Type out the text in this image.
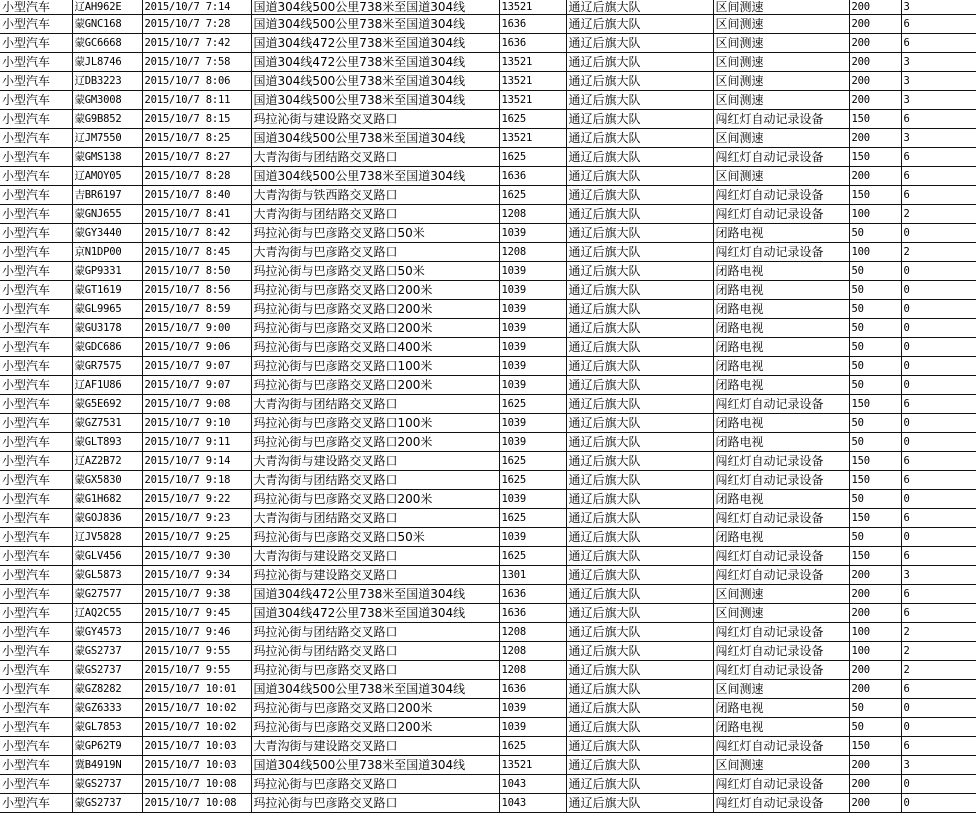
小型汽车	辽AH962E	2015/10/7 7:14	国道304线500公里738米至国道304线	13521	通辽后旗大队	区间测速	200	3
小型汽车	蒙GNC168	2015/10/7 7:28	国道304线500公里738米至国道304线	1636	通辽后旗大队	区间测速	200	6
小型汽车	蒙GC6668	2015/10/7 7:42	国道304线472公里738米至国道304线	1636	通辽后旗大队	区间测速	200	6
小型汽车	蒙JL8746	2015/10/7 7:58	国道304线472公里738米至国道304线	13521	通辽后旗大队	区间测速	200	3
小型汽车	辽DB3223	2015/10/7 8:06	国道304线500公里738米至国道304线	13521	通辽后旗大队	区间测速	200	3
小型汽车	蒙GM3008	2015/10/7 8:11	国道304线500公里738米至国道304线	13521	通辽后旗大队	区间测速	200	3
小型汽车	蒙G9B852	2015/10/7 8:15	玛拉沁街与建设路交叉路口	1625	通辽后旗大队	闯红灯自动记录设备	150	6
小型汽车	辽JM7550	2015/10/7 8:25	国道304线500公里738米至国道304线	13521	通辽后旗大队	区间测速	200	3
小型汽车	蒙GMS138	2015/10/7 8:27	大青沟街与团结路交叉路口	1625	通辽后旗大队	闯红灯自动记录设备	150	6
小型汽车	辽AMOY05	2015/10/7 8:28	国道304线500公里738米至国道304线	1636	通辽后旗大队	区间测速	200	6
小型汽车	吉BR6197	2015/10/7 8:40	大青沟街与铁西路交叉路口	1625	通辽后旗大队	闯红灯自动记录设备	150	6
小型汽车	蒙GNJ655	2015/10/7 8:41	大青沟街与团结路交叉路口	1208	通辽后旗大队	闯红灯自动记录设备	100	2
小型汽车	蒙GY3440	2015/10/7 8:42	玛拉沁街与巴彦路交叉路口50米	1039	通辽后旗大队	闭路电视	50	0
小型汽车	京N1DP00	2015/10/7 8:45	大青沟街与巴彦路交叉路口	1208	通辽后旗大队	闯红灯自动记录设备	100	2
小型汽车	蒙GP9331	2015/10/7 8:50	玛拉沁街与巴彦路交叉路口50米	1039	通辽后旗大队	闭路电视	50	0
小型汽车	蒙GT1619	2015/10/7 8:56	玛拉沁街与巴彦路交叉路口200米	1039	通辽后旗大队	闭路电视	50	0
小型汽车	蒙GL9965	2015/10/7 8:59	玛拉沁街与巴彦路交叉路口200米	1039	通辽后旗大队	闭路电视	50	0
小型汽车	蒙GU3178	2015/10/7 9:00	玛拉沁街与巴彦路交叉路口200米	1039	通辽后旗大队	闭路电视	50	0
小型汽车	蒙GDC686	2015/10/7 9:06	玛拉沁街与巴彦路交叉路口400米	1039	通辽后旗大队	闭路电视	50	0
小型汽车	蒙GR7575	2015/10/7 9:07	玛拉沁街与巴彦路交叉路口100米	1039	通辽后旗大队	闭路电视	50	0
小型汽车	辽AF1U86	2015/10/7 9:07	玛拉沁街与巴彦路交叉路口200米	1039	通辽后旗大队	闭路电视	50	0
小型汽车	蒙G5E692	2015/10/7 9:08	大青沟街与团结路交叉路口	1625	通辽后旗大队	闯红灯自动记录设备	150	6
小型汽车	蒙GZ7531	2015/10/7 9:10	玛拉沁街与巴彦路交叉路口100米	1039	通辽后旗大队	闭路电视	50	0
小型汽车	蒙GLT893	2015/10/7 9:11	玛拉沁街与巴彦路交叉路口200米	1039	通辽后旗大队	闭路电视	50	0
小型汽车	辽AZ2B72	2015/10/7 9:14	大青沟街与建设路交叉路口	1625	通辽后旗大队	闯红灯自动记录设备	150	6
小型汽车	蒙GX5830	2015/10/7 9:18	大青沟街与团结路交叉路口	1625	通辽后旗大队	闯红灯自动记录设备	150	6
小型汽车	蒙G1H682	2015/10/7 9:22	玛拉沁街与巴彦路交叉路口200米	1039	通辽后旗大队	闭路电视	50	0
小型汽车	蒙GOJ836	2015/10/7 9:23	大青沟街与团结路交叉路口	1625	通辽后旗大队	闯红灯自动记录设备	150	6
小型汽车	辽JV5828	2015/10/7 9:25	玛拉沁街与巴彦路交叉路口50米	1039	通辽后旗大队	闭路电视	50	0
小型汽车	蒙GLV456	2015/10/7 9:30	大青沟街与建设路交叉路口	1625	通辽后旗大队	闯红灯自动记录设备	150	6
小型汽车	蒙GL5873	2015/10/7 9:34	玛拉沁街与建设路交叉路口	1301	通辽后旗大队	闯红灯自动记录设备	200	3
小型汽车	蒙G27577	2015/10/7 9:38	国道304线472公里738米至国道304线	1636	通辽后旗大队	区间测速	200	6
小型汽车	辽AQ2C55	2015/10/7 9:45	国道304线472公里738米至国道304线	1636	通辽后旗大队	区间测速	200	6
小型汽车	蒙GY4573	2015/10/7 9:46	玛拉沁街与团结路交叉路口	1208	通辽后旗大队	闯红灯自动记录设备	100	2
小型汽车	蒙GS2737	2015/10/7 9:55	玛拉沁街与团结路交叉路口	1208	通辽后旗大队	闯红灯自动记录设备	100	2
小型汽车	蒙GS2737	2015/10/7 9:55	玛拉沁街与巴彦路交叉路口	1208	通辽后旗大队	闯红灯自动记录设备	200	2
小型汽车	蒙GZ8282	2015/10/7 10:01	国道304线500公里738米至国道304线	1636	通辽后旗大队	区间测速	200	6
小型汽车	蒙GZ6333	2015/10/7 10:02	玛拉沁街与巴彦路交叉路口200米	1039	通辽后旗大队	闭路电视	50	0
小型汽车	蒙GL7853	2015/10/7 10:02	玛拉沁街与巴彦路交叉路口200米	1039	通辽后旗大队	闭路电视	50	0
小型汽车	蒙GP62T9	2015/10/7 10:03	大青沟街与建设路交叉路口	1625	通辽后旗大队	闯红灯自动记录设备	150	6
小型汽车	冀B4919N	2015/10/7 10:03	国道304线500公里738米至国道304线	13521	通辽后旗大队	区间测速	200	3
小型汽车	蒙GS2737	2015/10/7 10:08	玛拉沁街与巴彦路交叉路口	1043	通辽后旗大队	闯红灯自动记录设备	200	0
小型汽车	蒙GS2737	2015/10/7 10:08	玛拉沁街与巴彦路交叉路口	1043	通辽后旗大队	闯红灯自动记录设备	200	0
